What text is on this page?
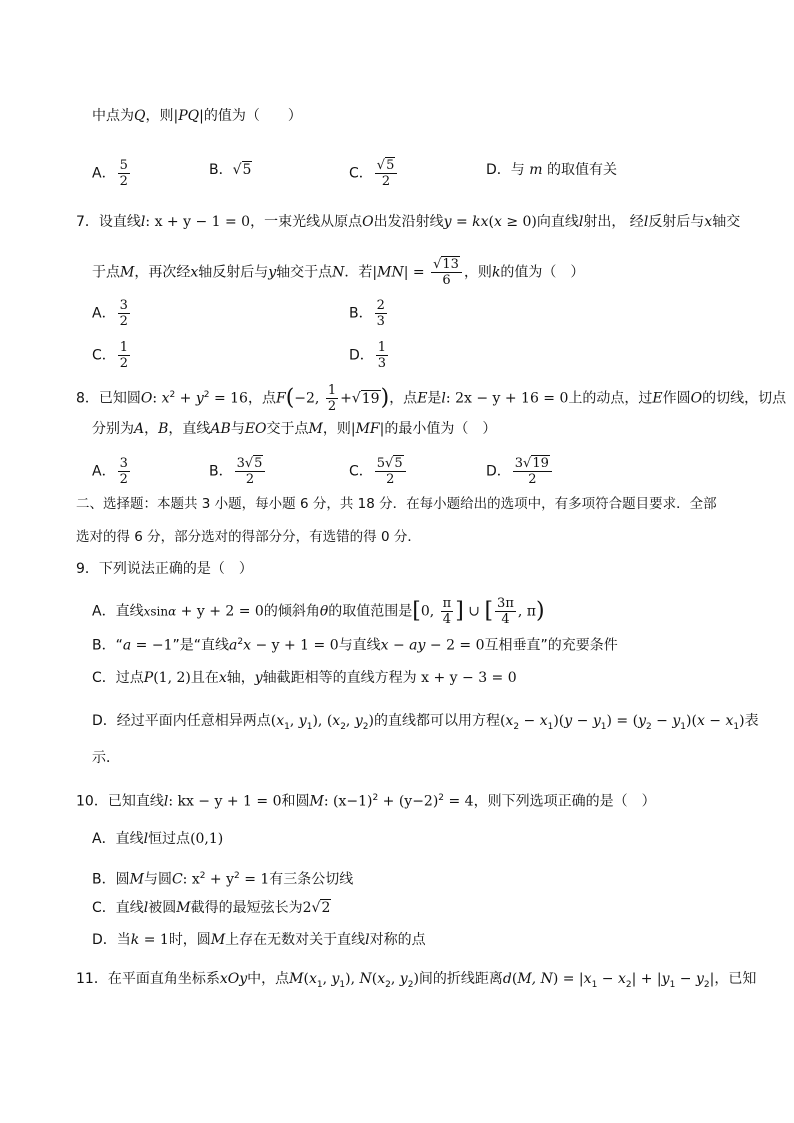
中点为Q，则|PQ|的值为（　　）
A． $\frac{5}{2}$	B．√5	C． $\frac{√5}{2}$	D．与 m 的取值有关
7．设直线l: x + y − 1 = 0，一束光线从原点O出发沿射线y = kx(x ≥ 0)向直线l射出， 经l反射后与x轴交
于点M，再次经x轴反射后与y轴交于点N．若$|MN| = \frac{√13}{6}$ ，则k的值为（　）
A． $\frac{3}{2}$	B． $\frac{2}{3}$
C． $\frac{1}{2}$	D． $\frac{1}{3}$
8．已知圆O: $x^2 + y^2 = 16$，点F(−2, $\frac{1}{2} +√19$)，点E是l: 2x − y + 16 = 0上的动点，过E作圆O的切线，切点
分别为A，B，直线AB与EO交于点M，则|MF|的最小值为（　）
A． $\frac{3}{2}$	B． $\frac{3√5}{2}$	C． $\frac{5√5}{2}$	D． $\frac{3√19}{2}$
二、选择题：本题共 3 小题，每小题 6 分，共 18 分．在每小题给出的选项中，有多项符合题目要求．全部
选对的得 6 分，部分选对的得部分分，有选错的得 0 分．
9．下列说法正确的是（　）
A．直线xsinα + y + 2 = 0的倾斜角θ的取值范围是[0, $\frac{\pi}{4}$ ] ∪ [ $\frac{3\pi}{4}$ , π)
B．“a = −1”是“直线$a^2x - y + 1 = 0$与直线x − ay − 2 = 0互相垂直”的充要条件
C．过点P(1, 2)且在x轴，y轴截距相等的直线方程为 x + y − 3 = 0
D．经过平面内任意相异两点($x_1$, $y_1$), ($x_2$, $y_2$)的直线都可以用方程$(x_2 - x_1)(y - y_1) = (y_2 - y_1)(x - x_1)$表
示．
10．已知直线l: kx − y + 1 = 0和圆M: $(x-1)^2 + (y-2)^2 = 4$，则下列选项正确的是（　）
A．直线l恒过点(0,1)
B．圆M与圆C: $x^2 + y^2 = 1$有三条公切线
C．直线l被圆M截得的最短弦长为2√2
D．当k = 1时，圆M上存在无数对关于直线l对称的点
11．在平面直角坐标系xOy中，点$M(x_1$, $y_1$), $N(x_2$, $y_2$)间的折线距离d(M, $N) = |x_1 - x_2| + |y_1 - y_2|$，已知
